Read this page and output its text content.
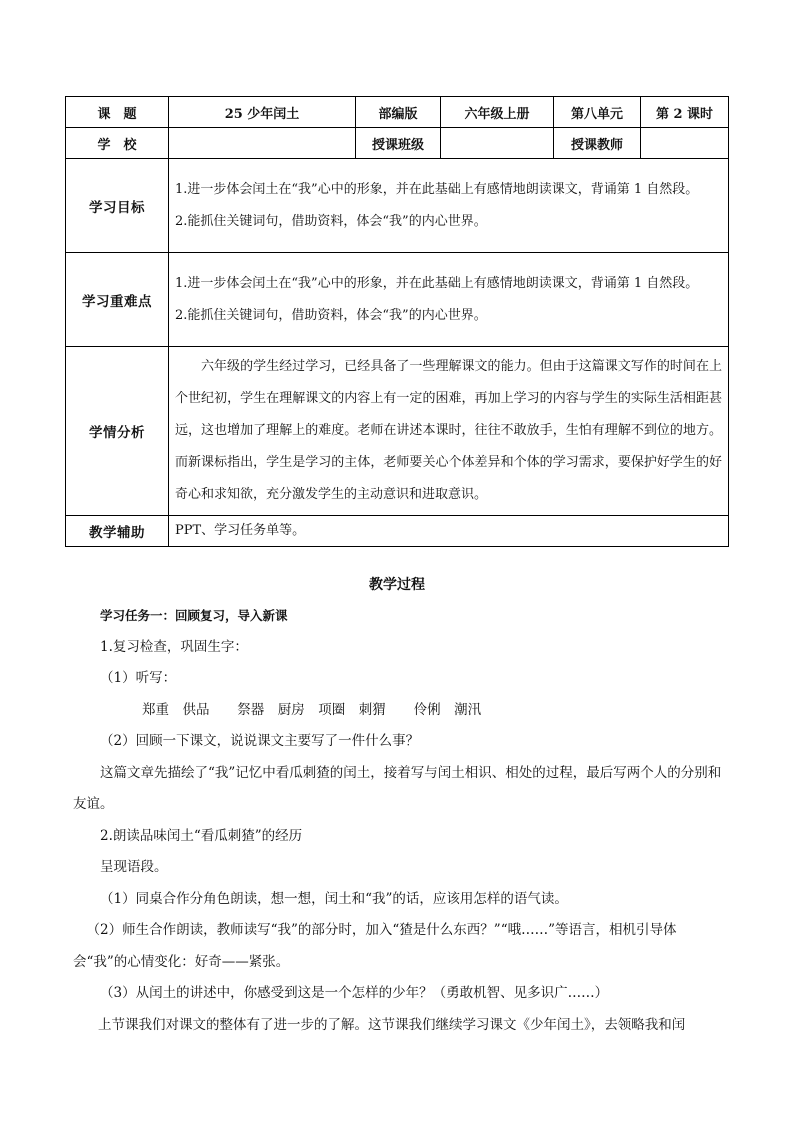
课　题	25 少年闰土	部编版	六年级上册	第八单元	第 2 课时
学　校		授课班级		授课教师	
学习目标	1.进一步体会闰土在“我”心中的形象，并在此基础上有感情地朗读课文，背诵第 1 自然段。

2.能抓住关键词句，借助资料，体会“我”的内心世界。				

学习重难点	1.进一步体会闰土在“我”心中的形象，并在此基础上有感情地朗读课文，背诵第 1 自然段。

2.能抓住关键词句，借助资料，体会“我”的内心世界。				

学情分析	六年级的学生经过学习，已经具备了一些理解课文的能力。但由于这篇课文写作的时间在上个世纪初，学生在理解课文的内容上有一定的困难，再加上学习的内容与学生的实际生活相距甚远，这也增加了理解上的难度。老师在讲述本课时，往往不敢放手，生怕有理解不到位的地方。而新课标指出，学生是学习的主体，老师要关心个体差异和个体的学习需求，要保护好学生的好奇心和求知欲，充分激发学生的主动意识和进取意识。				

教学辅助	PPT、学习任务单等。				
教学过程

学习任务一：回顾复习，导入新课

1.复习检查，巩固生字：

（1）听写：

郑重　供品　 祭器　厨房　项圈　刺猬　 伶俐　潮汛

（2）回顾一下课文，说说课文主要写了一件什么事？

这篇文章先描绘了“我”记忆中看瓜刺猹的闰土，接着写与闰土相识、相处的过程，最后写两个人的分别和友谊。

2.朗读品味闰土“看瓜刺猹”的经历

呈现语段。

（1）同桌合作分角色朗读，想一想，闰土和“我”的话，应该用怎样的语气读。

（2）师生合作朗读，教师读写“我”的部分时，加入“猹是什么东西？”“哦……”等语言，相机引导体会“我”的心情变化：好奇——紧张。

（3）从闰土的讲述中，你感受到这是一个怎样的少年？（勇敢机智、见多识广……）

上节课我们对课文的整体有了进一步的了解。这节课我们继续学习课文《少年闰土》，去领略我和闰
